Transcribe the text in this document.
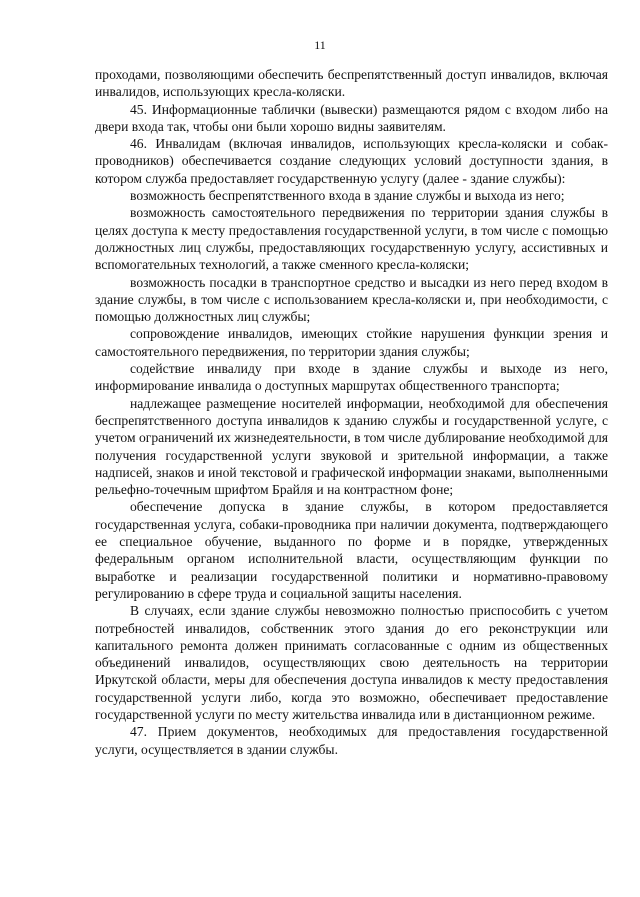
11

проходами, позволяющими обеспечить беспрепятственный доступ инвалидов, включая инвалидов, использующих кресла-коляски.

45. Информационные таблички (вывески) размещаются рядом с входом либо на двери входа так, чтобы они были хорошо видны заявителям.

46. Инвалидам (включая инвалидов, использующих кресла-коляски и собак-проводников) обеспечивается создание следующих условий доступности здания, в котором служба предоставляет государственную услугу (далее - здание службы):

возможность беспрепятственного входа в здание службы и выхода из него;

возможность самостоятельного передвижения по территории здания службы в целях доступа к месту предоставления государственной услуги, в том числе с помощью должностных лиц службы, предоставляющих государственную услугу, ассистивных и вспомогательных технологий, а также сменного кресла-коляски;

возможность посадки в транспортное средство и высадки из него перед входом в здание службы, в том числе с использованием кресла-коляски и, при необходимости, с помощью должностных лиц службы;

сопровождение инвалидов, имеющих стойкие нарушения функции зрения и самостоятельного передвижения, по территории здания службы;

содействие инвалиду при входе в здание службы и выходе из него, информирование инвалида о доступных маршрутах общественного транспорта;

надлежащее размещение носителей информации, необходимой для обеспечения беспрепятственного доступа инвалидов к зданию службы и государственной услуге, с учетом ограничений их жизнедеятельности, в том числе дублирование необходимой для получения государственной услуги звуковой и зрительной информации, а также надписей, знаков и иной текстовой и графической информации знаками, выполненными рельефно-точечным шрифтом Брайля и на контрастном фоне;

обеспечение допуска в здание службы, в котором предоставляется государственная услуга, собаки-проводника при наличии документа, подтверждающего ее специальное обучение, выданного по форме и в порядке, утвержденных федеральным органом исполнительной власти, осуществляющим функции по выработке и реализации государственной политики и нормативно-правовому регулированию в сфере труда и социальной защиты населения.

В случаях, если здание службы невозможно полностью приспособить с учетом потребностей инвалидов, собственник этого здания до его реконструкции или капитального ремонта должен принимать согласованные с одним из общественных объединений инвалидов, осуществляющих свою деятельность на территории Иркутской области, меры для обеспечения доступа инвалидов к месту предоставления государственной услуги либо, когда это возможно, обеспечивает предоставление государственной услуги по месту жительства инвалида или в дистанционном режиме.

47. Прием документов, необходимых для предоставления государственной услуги, осуществляется в здании службы.
